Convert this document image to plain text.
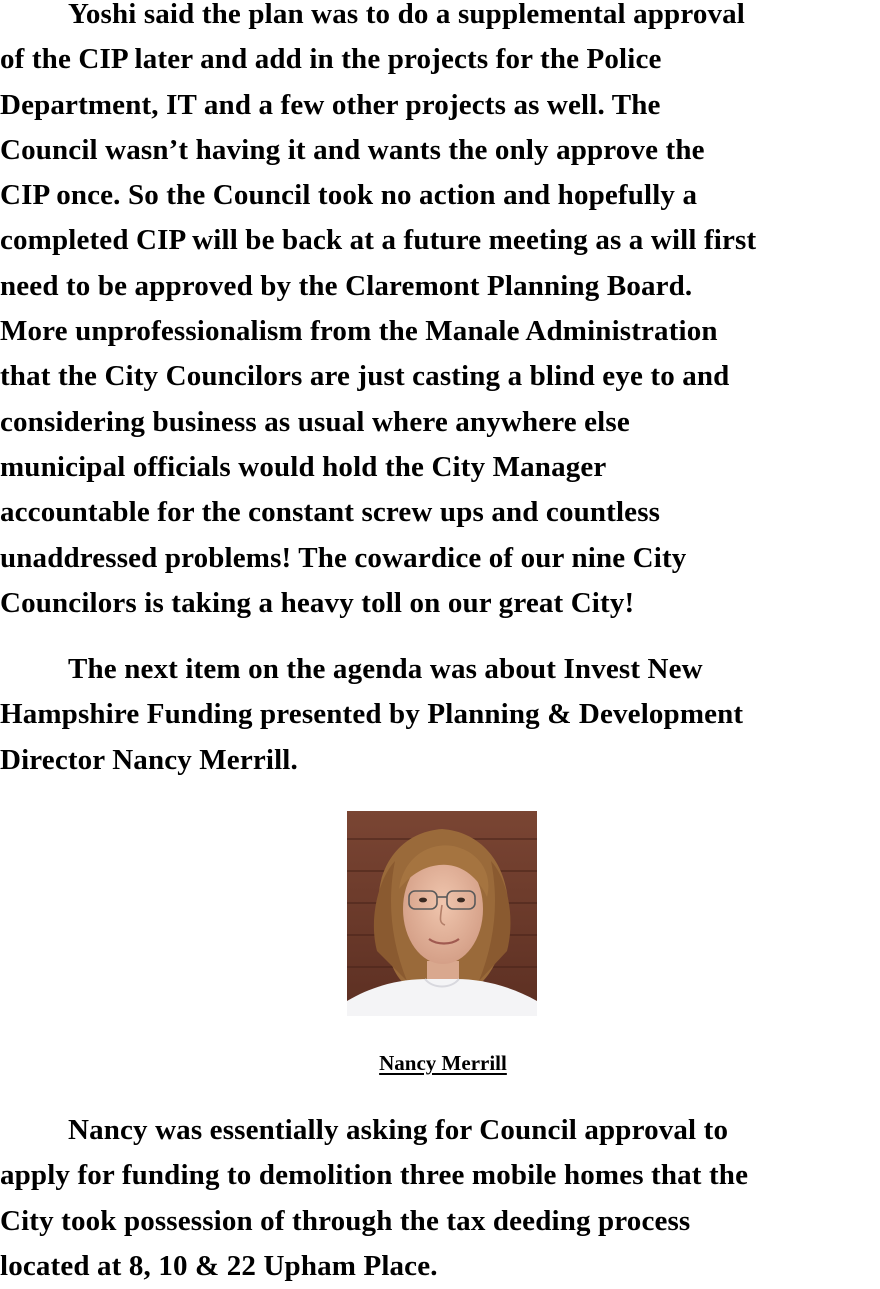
Yoshi said the plan was to do a supplemental approval
of the CIP later and add in the projects for the Police
Department, IT and a few other projects as well. The
Council wasn’t having it and wants the only approve the
CIP once. So the Council took no action and hopefully a
completed CIP will be back at a future meeting as a will first
need to be approved by the Claremont Planning Board.
More unprofessionalism from the Manale Administration
that the City Councilors are just casting a blind eye to and
considering business as usual where anywhere else
municipal officials would hold the City Manager
accountable for the constant screw ups and countless
unaddressed problems! The cowardice of our nine City
Councilors is taking a heavy toll on our great City!

The next item on the agenda was about Invest New
Hampshire Funding presented by Planning & Development
Director Nancy Merrill.

Nancy Merrill

Nancy was essentially asking for Council approval to
apply for funding to demolition three mobile homes that the
City took possession of through the tax deeding process
located at 8, 10 & 22 Upham Place.
